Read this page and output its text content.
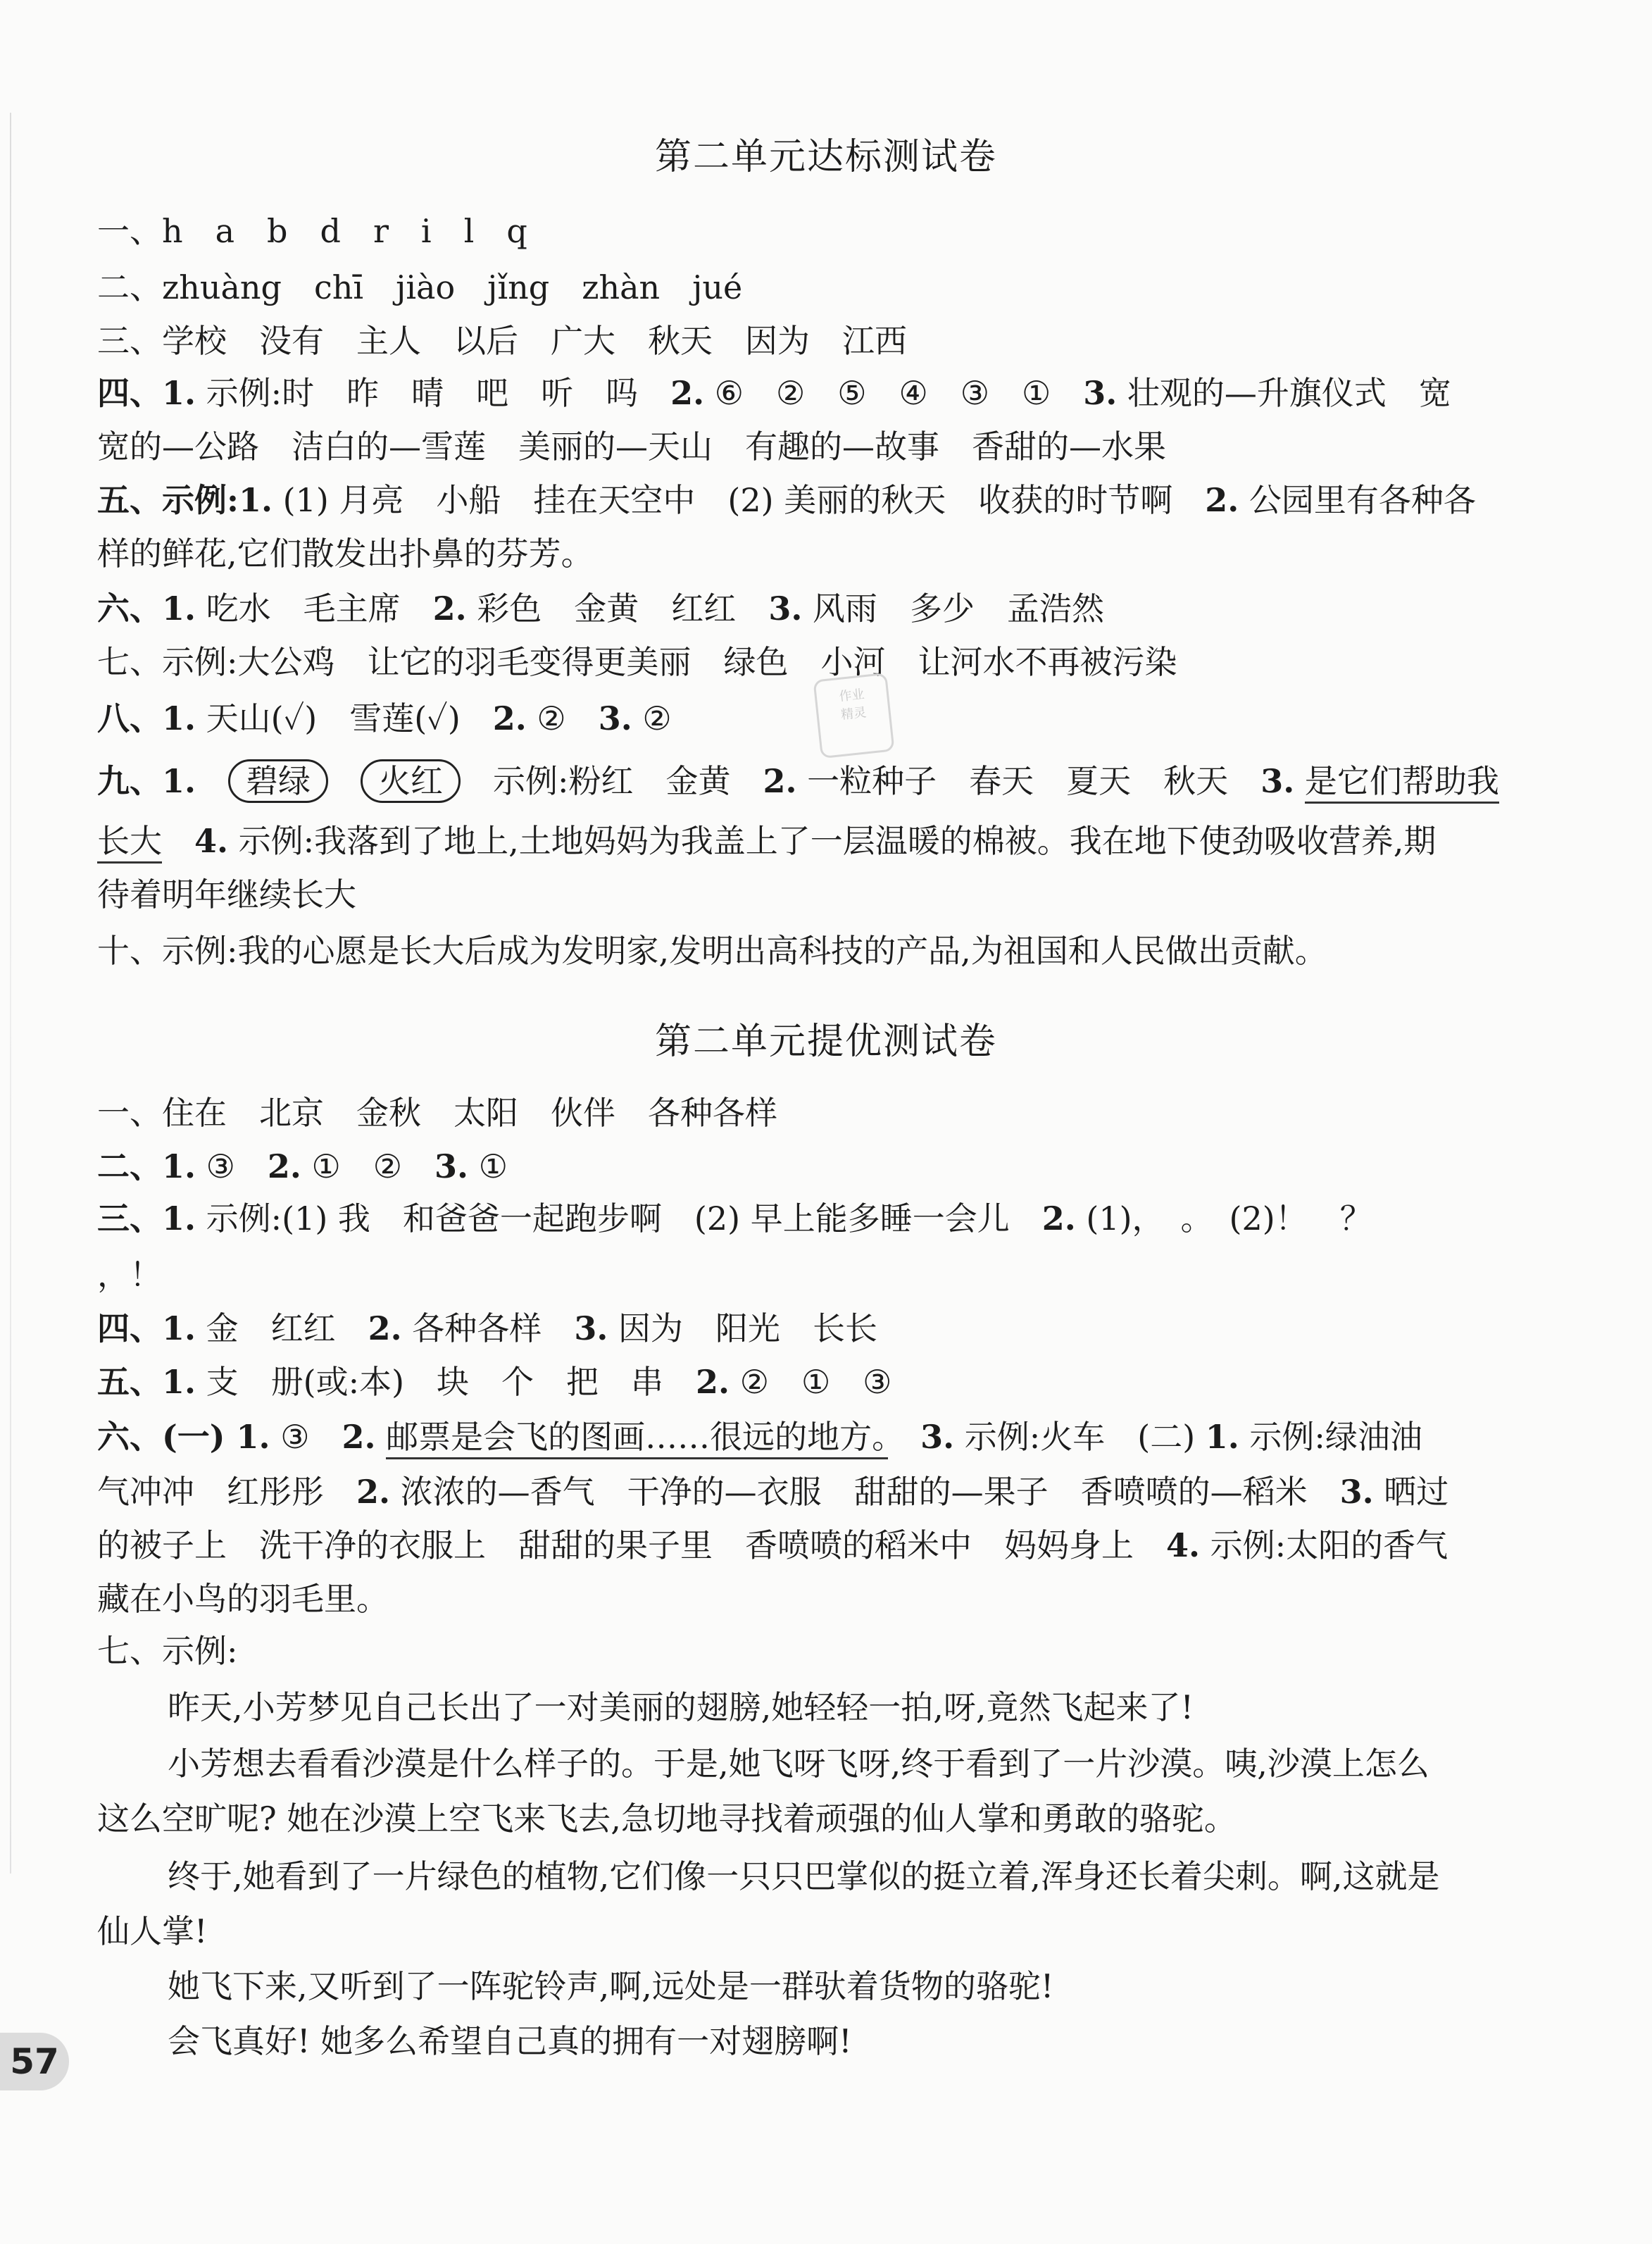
第二单元达标测试卷
一、h　a　b　d　r　i　l　q
二、zhuàng　chī　jiào　jǐng　zhàn　jué
三、学校　没有　主人　以后　广大　秋天　因为　江西
四、1. 示例:时　昨　晴　吧　听　吗　2. ⑥　②　⑤　④　③　①　3. 壮观的—升旗仪式　宽
宽的—公路　洁白的—雪莲　美丽的—天山　有趣的—故事　香甜的—水果
五、示例:1. (1) 月亮　小船　挂在天空中　(2) 美丽的秋天　收获的时节啊　2. 公园里有各种各
样的鲜花,它们散发出扑鼻的芬芳。
六、1. 吃水　毛主席　2. 彩色　金黄　红红　3. 风雨　多少　孟浩然
七、示例:大公鸡　让它的羽毛变得更美丽　绿色　小河　让河水不再被污染
八、1. 天山(✓)　雪莲(✓)　2. ②　3. ②
九、1.　 碧绿　 火红　示例:粉红　金黄　2. 一粒种子　春天　夏天　秋天　3. 是它们帮助我
长大　 4. 示例:我落到了地上,土地妈妈为我盖上了一层温暖的棉被。我在地下使劲吸收营养,期
待着明年继续长大
十、示例:我的心愿是长大后成为发明家,发明出高科技的产品,为祖国和人民做出贡献。
作业
精灵
第二单元提优测试卷
一、住在　北京　金秋　太阳　伙伴　各种各样
二、1. ③　2. ①　②　3. ①
三、1. 示例:(1) 我　和爸爸一起跑步啊　(2) 早上能多睡一会儿　2. (1)，　。　(2)！　？
，！
四、1. 金　红红　2. 各种各样　3. 因为　阳光　长长
五、1. 支　册(或:本)　块　个　把　串　2. ②　①　③
六、(一) 1. ③　2. 邮票是会飞的图画……很远的地方。　 3. 示例:火车　(二) 1. 示例:绿油油
气冲冲　红彤彤　2. 浓浓的—香气　干净的—衣服　甜甜的—果子　香喷喷的—稻米　3. 晒过
的被子上　洗干净的衣服上　甜甜的果子里　香喷喷的稻米中　妈妈身上　4. 示例:太阳的香气
藏在小鸟的羽毛里。
七、示例:
昨天,小芳梦见自己长出了一对美丽的翅膀,她轻轻一拍,呀,竟然飞起来了!
小芳想去看看沙漠是什么样子的。于是,她飞呀飞呀,终于看到了一片沙漠。咦,沙漠上怎么
这么空旷呢? 她在沙漠上空飞来飞去,急切地寻找着顽强的仙人掌和勇敢的骆驼。
终于,她看到了一片绿色的植物,它们像一只只巴掌似的挺立着,浑身还长着尖刺。啊,这就是
仙人掌!
她飞下来,又听到了一阵驼铃声,啊,远处是一群驮着货物的骆驼!
会飞真好! 她多么希望自己真的拥有一对翅膀啊!
57
